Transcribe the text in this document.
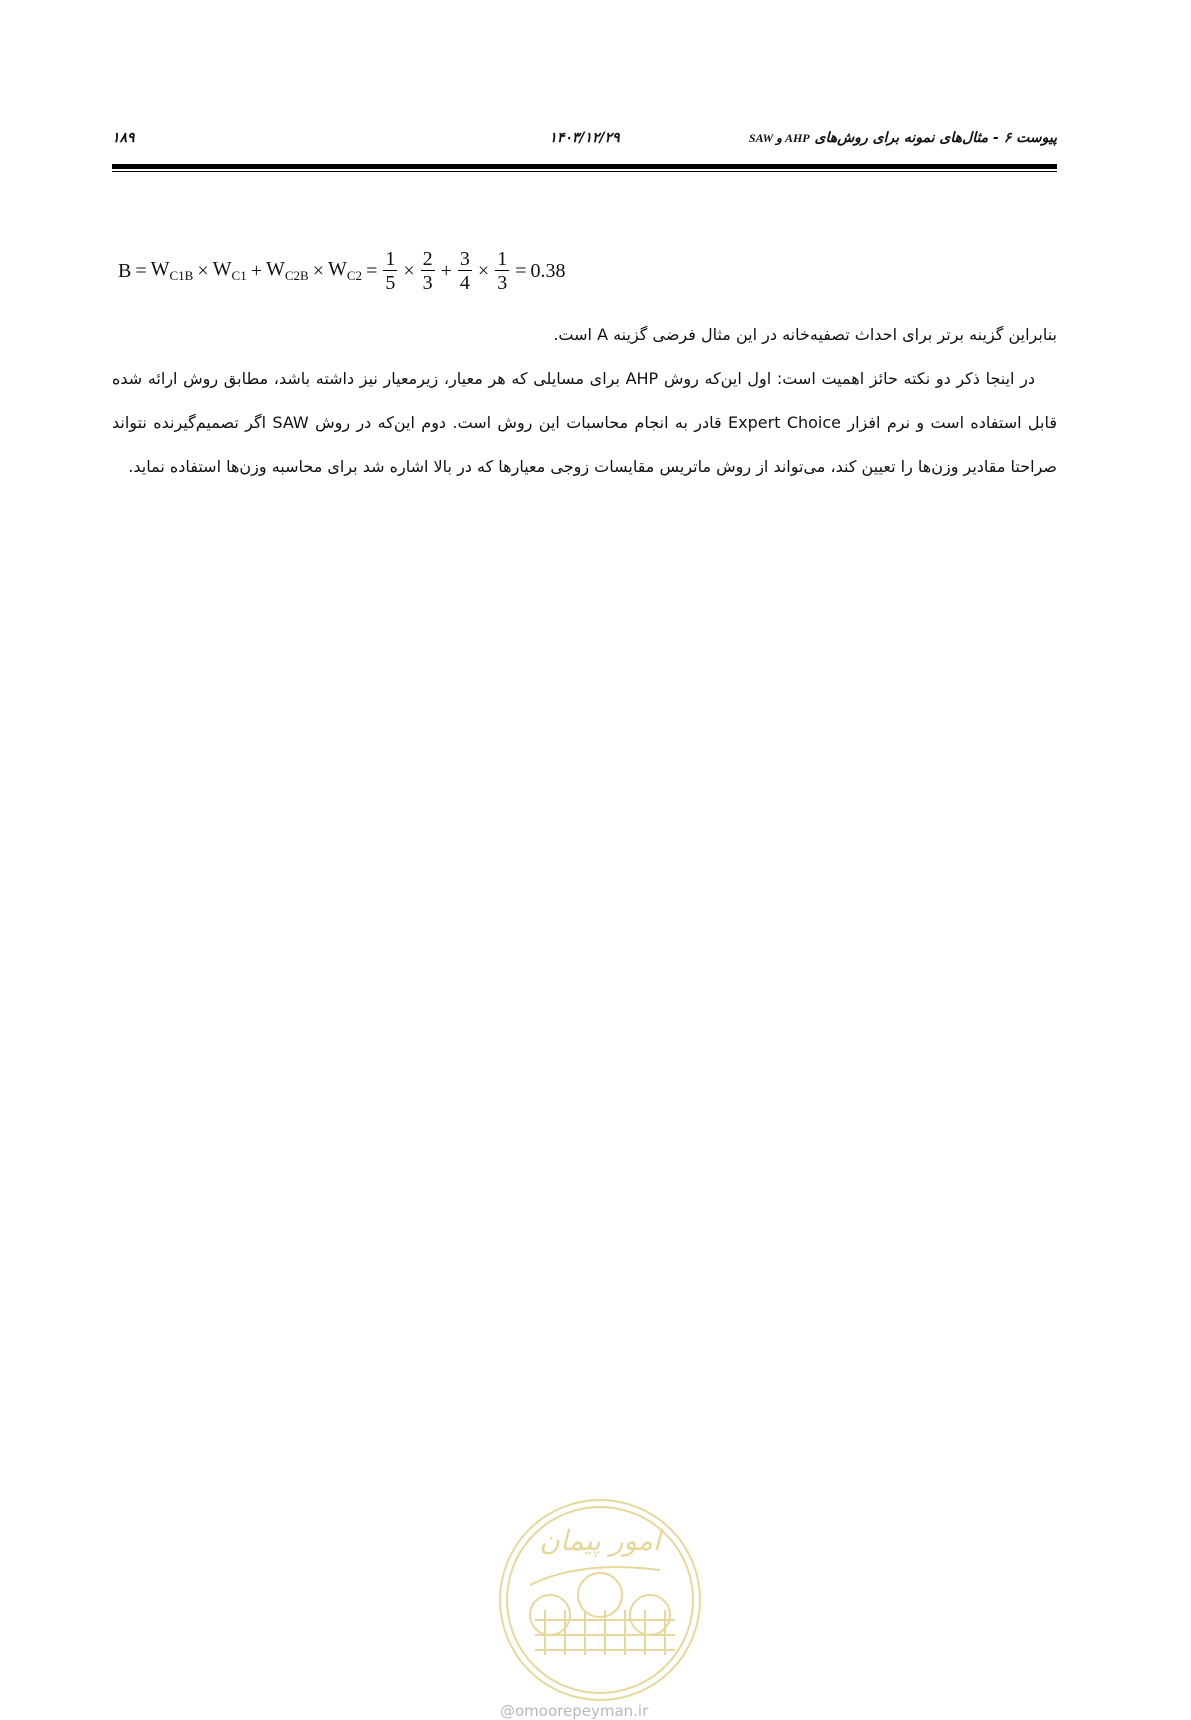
پیوست ۶ - مثال‌های نمونه برای روش‌های AHP و SAW
۱۴۰۳/۱۲/۲۹
۱۸۹
$B = W_{C1B} \times W_{C1} + W_{C2B} \times W_{C2} = \frac{1}{5} \times \frac{2}{3} + \frac{3}{4} \times \frac{1}{3} = 0.38$

بنابراین گزینه برتر برای احداث تصفیه‌خانه در این مثال فرضی گزینه A است.

در اینجا ذکر دو نکته حائز اهمیت است: اول این‌که روش AHP برای مسایلی که هر معیار، زیرمعیار نیز داشته باشد، مطابق روش ارائه شده قابل استفاده است و نرم افزار Expert Choice قادر به انجام محاسبات این روش است. دوم این‌که در روش SAW اگر تصمیم‌گیرنده نتواند صراحتا مقادیر وزن‌ها را تعیین کند، می‌تواند از روش ماتریس مقایسات زوجی معیارها که در بالا اشاره شد برای محاسبه وزن‌ها استفاده نماید.

امور پیمان
@omoorepeyman.ir
